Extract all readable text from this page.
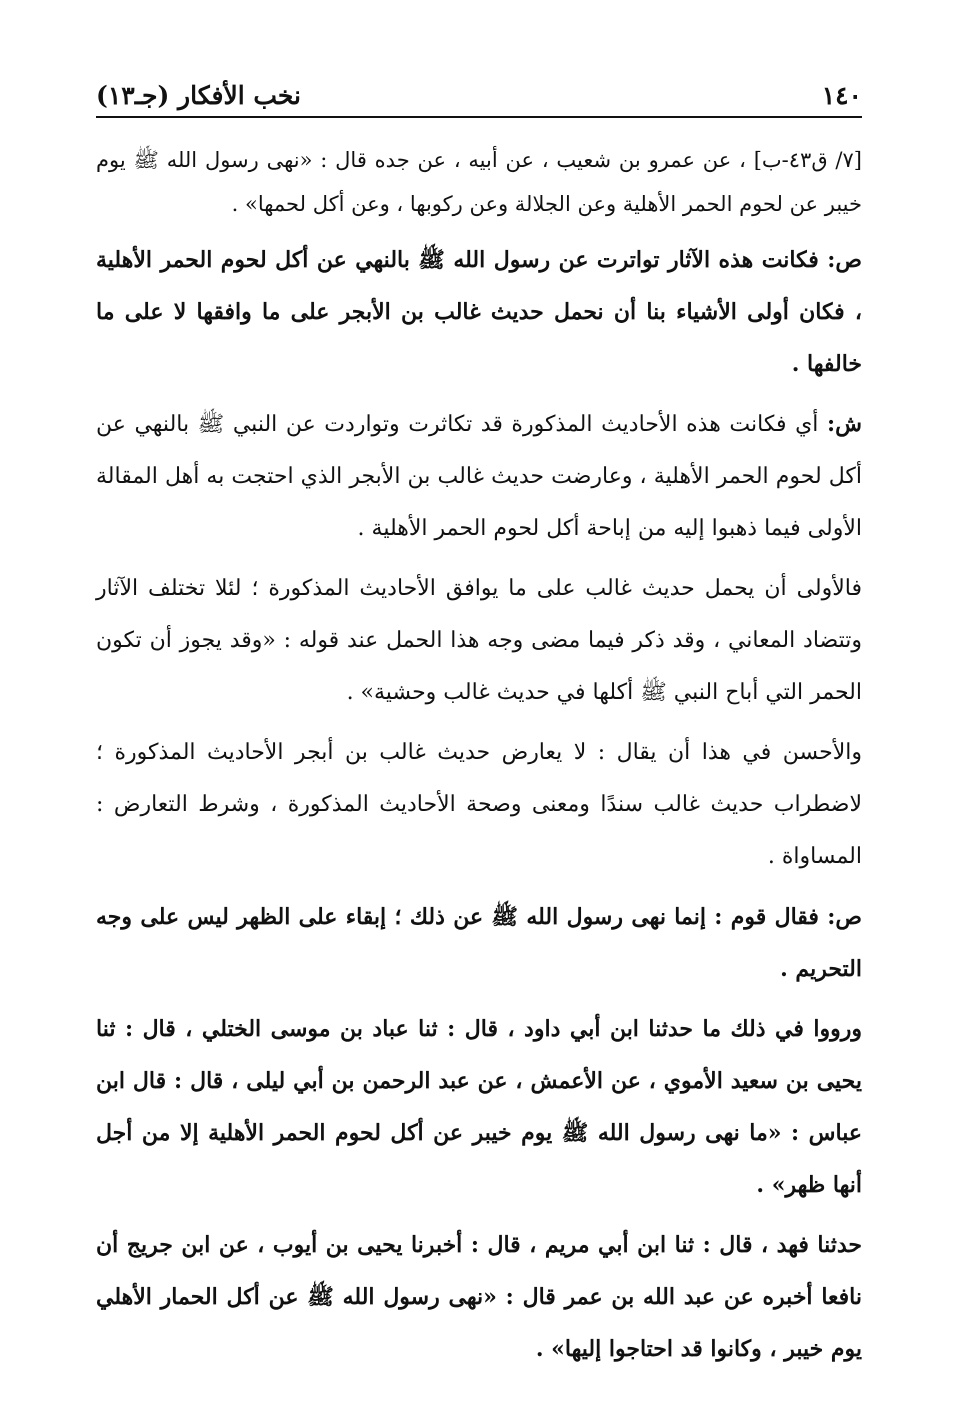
١٤٠
نخب الأفكار (جـ١٣)

[٧/ ق٤٣-ب] ، عن عمرو بن شعيب ، عن أبيه ، عن جده قال : «نهى رسول الله ﷺ يوم خيبر عن لحوم الحمر الأهلية وعن الجلالة وعن ركوبها ، وعن أكل لحمها» .

ص: فكانت هذه الآثار تواترت عن رسول الله ﷺ بالنهي عن أكل لحوم الحمر الأهلية ، فكان أولى الأشياء بنا أن نحمل حديث غالب بن الأبجر على ما وافقها لا على ما خالفها .

ش: أي فكانت هذه الأحاديث المذكورة قد تكاثرت وتواردت عن النبي ﷺ بالنهي عن أكل لحوم الحمر الأهلية ، وعارضت حديث غالب بن الأبجر الذي احتجت به أهل المقالة الأولى فيما ذهبوا إليه من إباحة أكل لحوم الحمر الأهلية .

فالأولى أن يحمل حديث غالب على ما يوافق الأحاديث المذكورة ؛ لئلا تختلف الآثار وتتضاد المعاني ، وقد ذكر فيما مضى وجه هذا الحمل عند قوله : «وقد يجوز أن تكون الحمر التي أباح النبي ﷺ أكلها في حديث غالب وحشية» .

والأحسن في هذا أن يقال : لا يعارض حديث غالب بن أبجر الأحاديث المذكورة ؛ لاضطراب حديث غالب سندًا ومعنى وصحة الأحاديث المذكورة ، وشرط التعارض : المساواة .

ص: فقال قوم : إنما نهى رسول الله ﷺ عن ذلك ؛ إبقاء على الظهر ليس على وجه التحريم .

ورووا في ذلك ما حدثنا ابن أبي داود ، قال : ثنا عباد بن موسى الختلي ، قال : ثنا يحيى بن سعيد الأموي ، عن الأعمش ، عن عبد الرحمن بن أبي ليلى ، قال : قال ابن عباس : «ما نهى رسول الله ﷺ يوم خيبر عن أكل لحوم الحمر الأهلية إلا من أجل أنها ظهر» .

حدثنا فهد ، قال : ثنا ابن أبي مريم ، قال : أخبرنا يحيى بن أيوب ، عن ابن جريج أن نافعا أخبره عن عبد الله بن عمر قال : «نهى رسول الله ﷺ عن أكل الحمار الأهلي يوم خيبر ، وكانوا قد احتاجوا إليها» .
